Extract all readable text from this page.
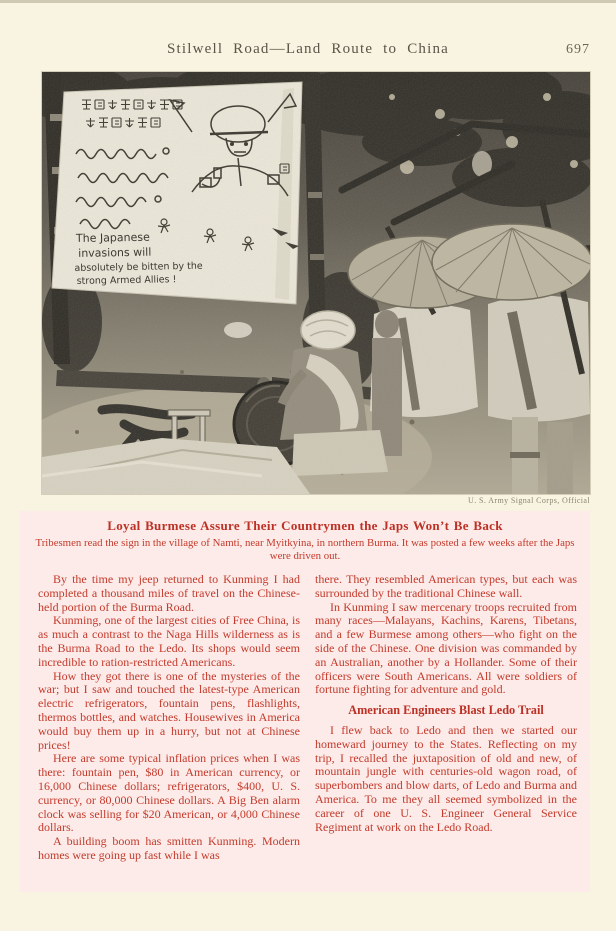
Stilwell Road—Land Route to China	697
U. S. Army Signal Corps, Official
Loyal Burmese Assure Their Countrymen the Japs Won’t Be Back
Tribesmen read the sign in the village of Namti, near Myitkyina, in northern Burma. It was posted a few weeks after the Japs were driven out.

By the time my jeep returned to Kunming I had completed a thousand miles of travel on the Chinese-held portion of the Burma Road.

Kunming, one of the largest cities of Free China, is as much a contrast to the Naga Hills wilderness as is the Burma Road to the Ledo. Its shops would seem incredible to ration-restricted Americans.

How they got there is one of the mysteries of the war; but I saw and touched the latest-type American electric refrigerators, fountain pens, flashlights, thermos bottles, and watches. Housewives in America would buy them up in a hurry, but not at Chinese prices!

Here are some typical inflation prices when I was there: fountain pen, $80 in American currency, or 16,000 Chinese dollars; refrigerators, $400, U. S. currency, or 80,000 Chinese dollars. A Big Ben alarm clock was selling for $20 American, or 4,000 Chinese dollars.

A building boom has smitten Kunming. Modern homes were going up fast while I was

there. They resembled American types, but each was surrounded by the traditional Chinese wall.

In Kunming I saw mercenary troops recruited from many races—Malayans, Kachins, Karens, Tibetans, and a few Burmese among others—who fight on the side of the Chinese. One division was commanded by an Australian, another by a Hollander. Some of their officers were South Americans. All were soldiers of fortune fighting for adventure and gold.

American Engineers Blast Ledo Trail

I flew back to Ledo and then we started our homeward journey to the States. Reflecting on my trip, I recalled the juxtaposition of old and new, of mountain jungle with centuries-old wagon road, of superbombers and blow darts, of Ledo and Burma and America. To me they all seemed symbolized in the career of one U. S. Engineer General Service Regiment at work on the Ledo Road.
